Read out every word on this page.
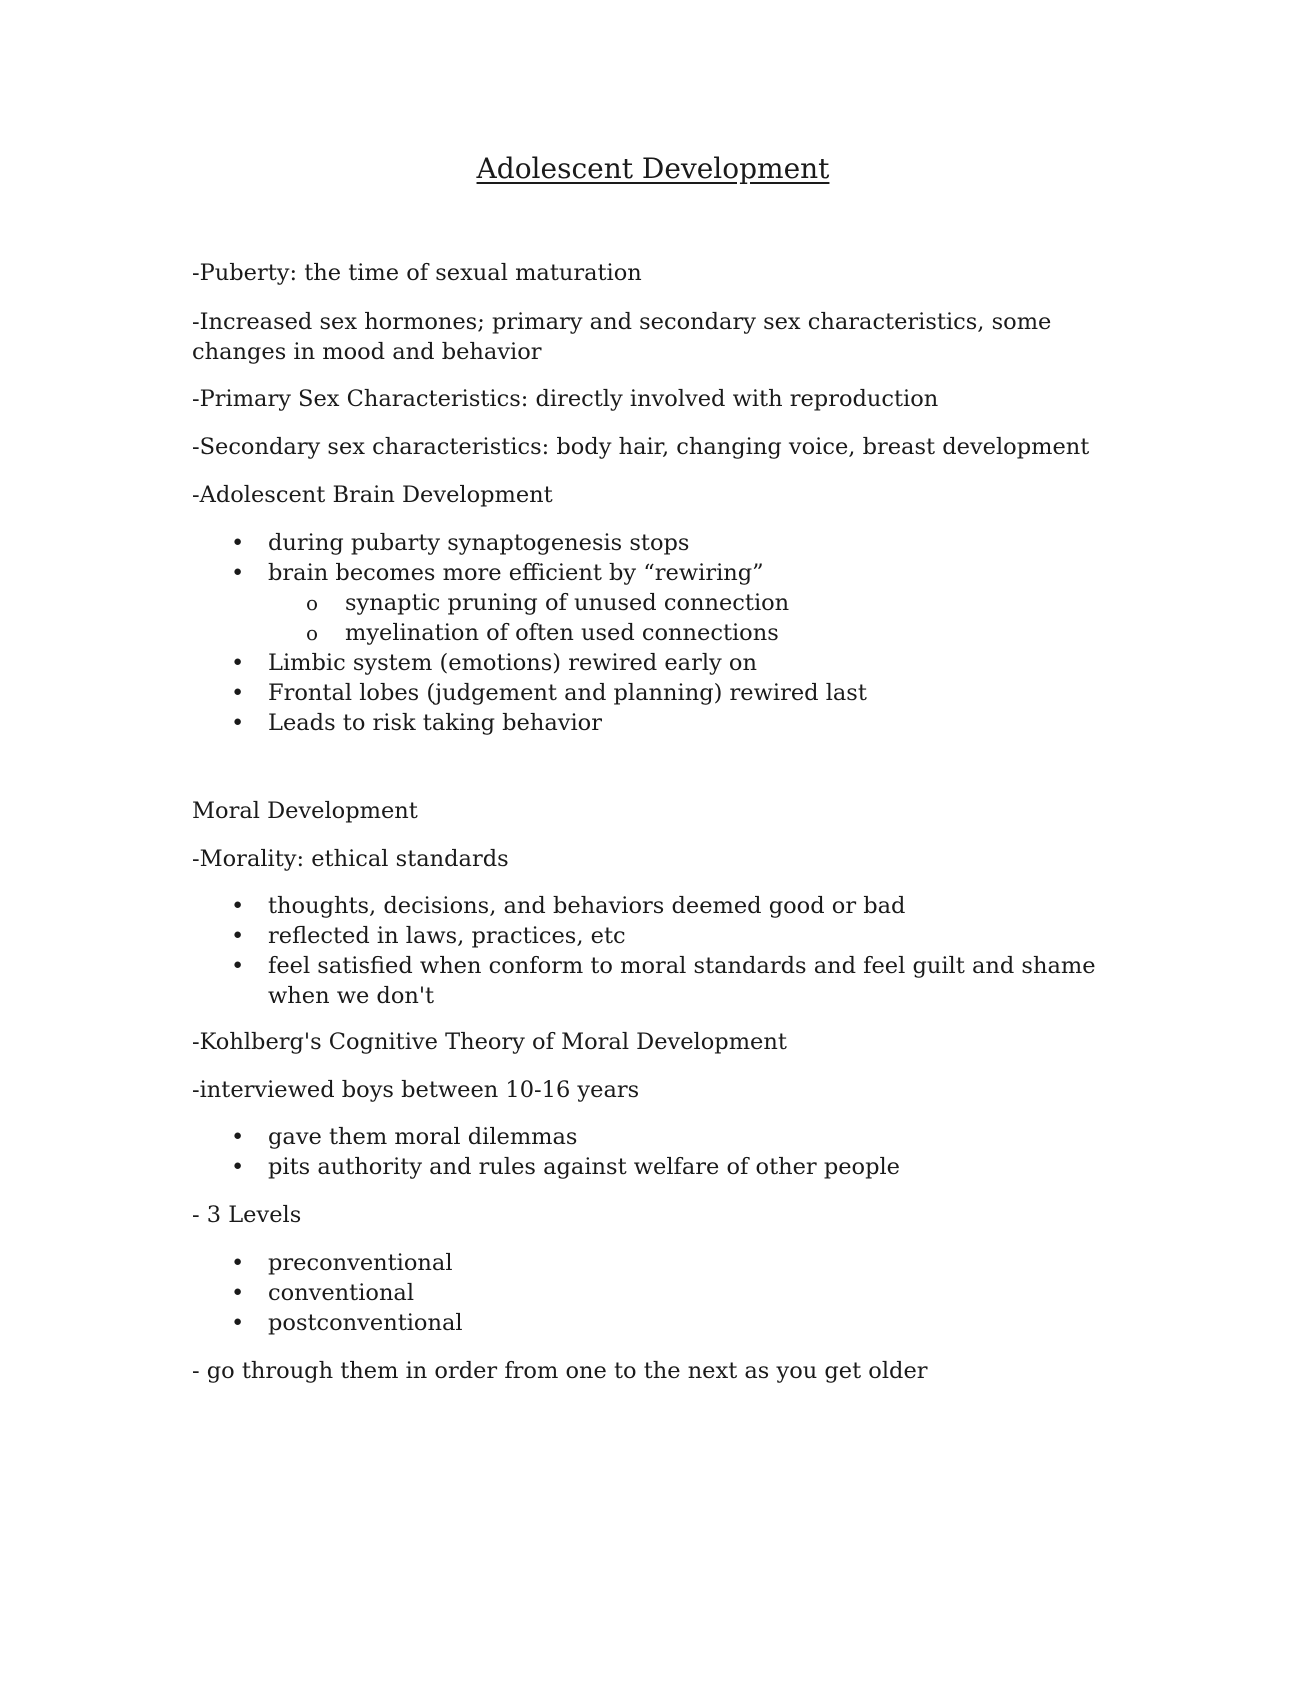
Adolescent Development

-Puberty: the time of sexual maturation

-Increased sex hormones; primary and secondary sex characteristics, some changes in mood and behavior

-Primary Sex Characteristics: directly involved with reproduction

-Secondary sex characteristics: body hair, changing voice, breast development

-Adolescent Brain Development

• during pubarty synaptogenesis stops
• brain becomes more efficient by “rewiring”
o synaptic pruning of unused connection
o myelination of often used connections
• Limbic system (emotions) rewired early on
• Frontal lobes (judgement and planning) rewired last
• Leads to risk taking behavior

Moral Development

-Morality: ethical standards

• thoughts, decisions, and behaviors deemed good or bad
• reflected in laws, practices, etc
• feel satisfied when conform to moral standards and feel guilt and shame when we don't

-Kohlberg's Cognitive Theory of Moral Development

-interviewed boys between 10-16 years

• gave them moral dilemmas
• pits authority and rules against welfare of other people

- 3 Levels

• preconventional
• conventional
• postconventional

- go through them in order from one to the next as you get older
